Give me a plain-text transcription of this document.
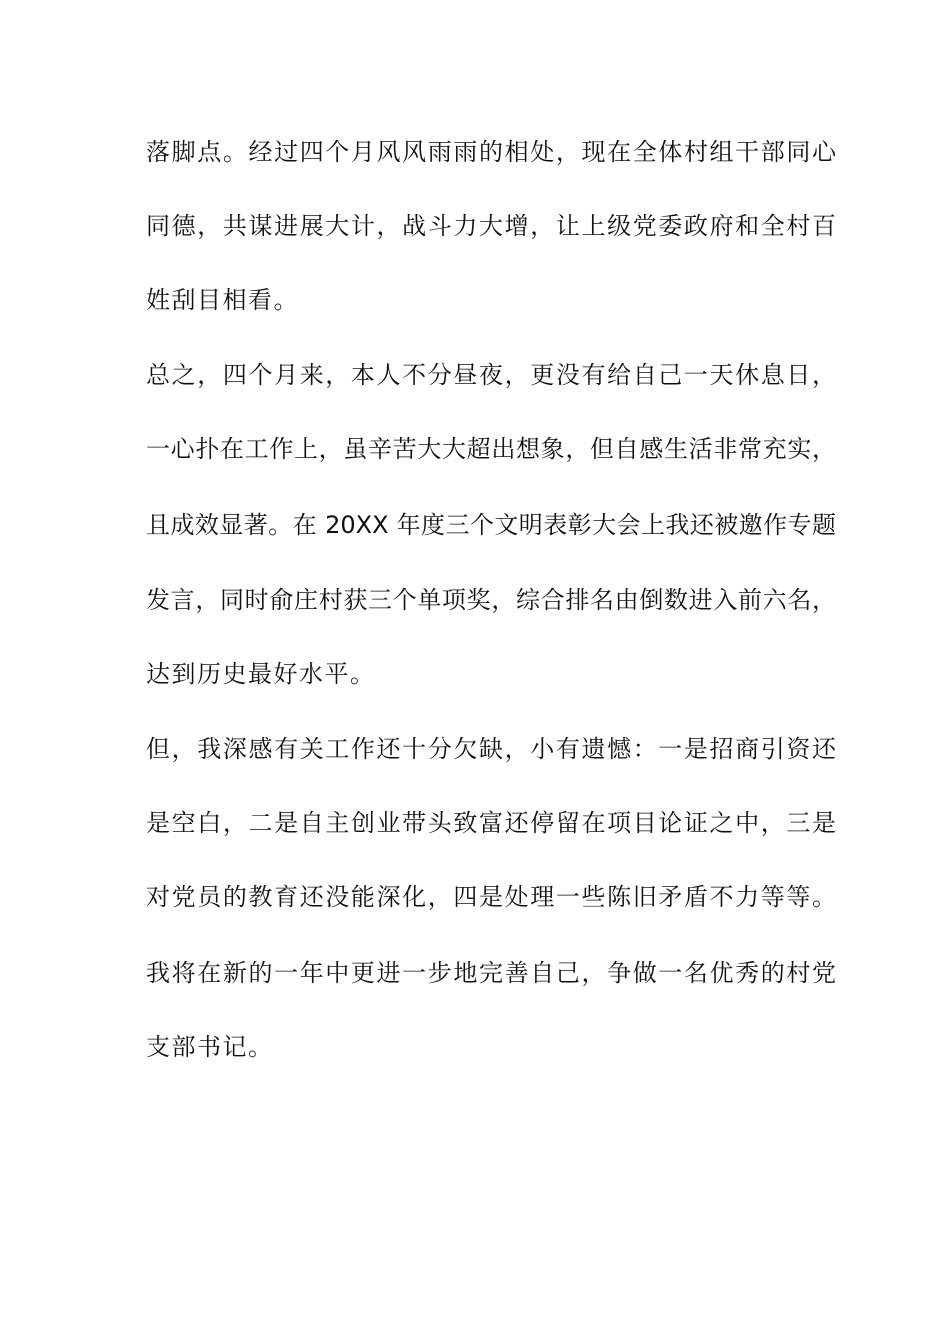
落脚点。经过四个月风风雨雨的相处，现在全体村组干部同心
同德，共谋进展大计，战斗力大增，让上级党委政府和全村百
姓刮目相看。
总之，四个月来，本人不分昼夜，更没有给自己一天休息日，
一心扑在工作上，虽辛苦大大超出想象，但自感生活非常充实，
且成效显著。在 20XX 年度三个文明表彰大会上我还被邀作专题
发言，同时俞庄村获三个单项奖，综合排名由倒数进入前六名，
达到历史最好水平。
但，我深感有关工作还十分欠缺，小有遗憾：一是招商引资还
是空白，二是自主创业带头致富还停留在项目论证之中，三是
对党员的教育还没能深化，四是处理一些陈旧矛盾不力等等。
我将在新的一年中更进一步地完善自己，争做一名优秀的村党
支部书记。
